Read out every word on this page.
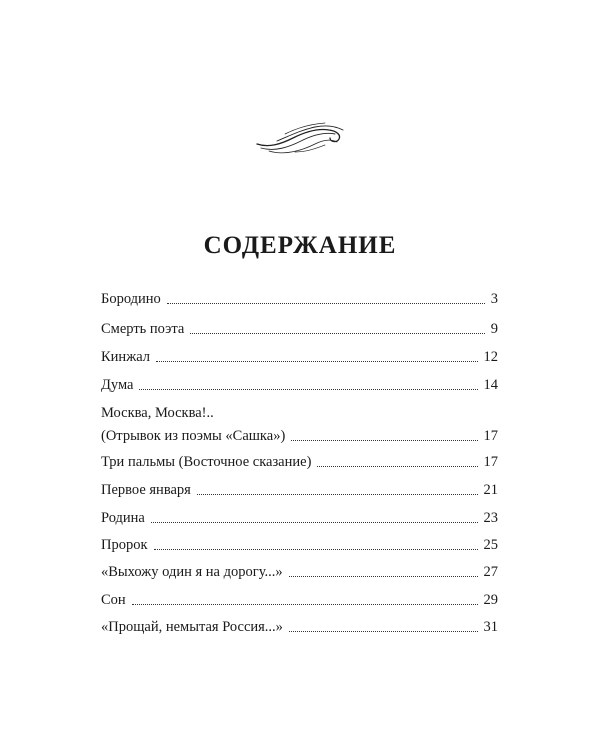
СОДЕРЖАНИЕ
Бородино	3
Смерть поэта	9
Кинжал	12
Дума	14
Москва, Москва!..
(Отрывок из поэмы «Сашка»)	17
Три пальмы (Восточное сказание)	17
Первое января	21
Родина	23
Пророк	25
«Выхожу один я на дорогу...»	27
Сон	29
«Прощай, немытая Россия...»	31
